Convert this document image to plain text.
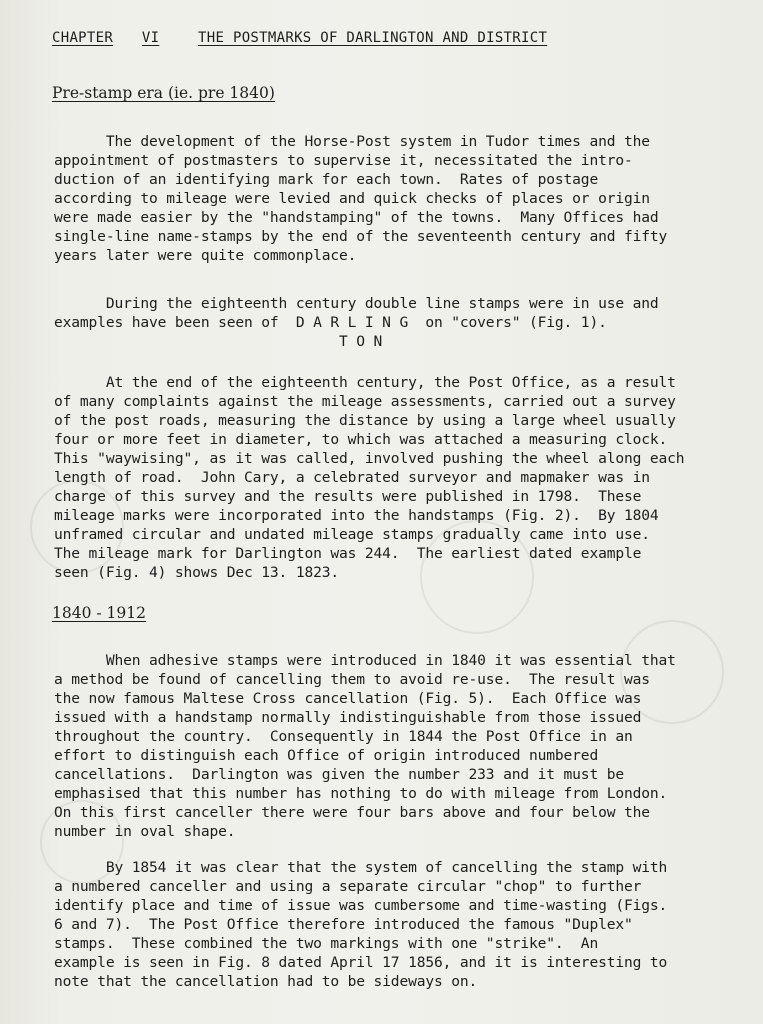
CHAPTER VI	THE POSTMARKS OF DARLINGTON AND DISTRICT
Pre-stamp era (ie. pre 1840)
The development of the Horse-Post system in Tudor times and the
appointment of postmasters to supervise it, necessitated the intro-
duction of an identifying mark for each town.  Rates of postage
according to mileage were levied and quick checks of places or origin
were made easier by the "handstamping" of the towns.  Many Offices had
single-line name-stamps by the end of the seventeenth century and fifty
years later were quite commonplace.
During the eighteenth century double line stamps were in use and
examples have been seen of  D A R L I N G  on "covers" (Fig. 1).
T O N
At the end of the eighteenth century, the Post Office, as a result
of many complaints against the mileage assessments, carried out a survey
of the post roads, measuring the distance by using a large wheel usually
four or more feet in diameter, to which was attached a measuring clock.
This "waywising", as it was called, involved pushing the wheel along each
length of road.  John Cary, a celebrated surveyor and mapmaker was in
charge of this survey and the results were published in 1798.  These
mileage marks were incorporated into the handstamps (Fig. 2).  By 1804
unframed circular and undated mileage stamps gradually came into use.
The mileage mark for Darlington was 244.  The earliest dated example
seen (Fig. 4) shows Dec 13. 1823.
1840 - 1912
When adhesive stamps were introduced in 1840 it was essential that
a method be found of cancelling them to avoid re-use.  The result was
the now famous Maltese Cross cancellation (Fig. 5).  Each Office was
issued with a handstamp normally indistinguishable from those issued
throughout the country.  Consequently in 1844 the Post Office in an
effort to distinguish each Office of origin introduced numbered
cancellations.  Darlington was given the number 233 and it must be
emphasised that this number has nothing to do with mileage from London.
On this first canceller there were four bars above and four below the
number in oval shape.
By 1854 it was clear that the system of cancelling the stamp with
a numbered canceller and using a separate circular "chop" to further
identify place and time of issue was cumbersome and time-wasting (Figs.
6 and 7).  The Post Office therefore introduced the famous "Duplex"
stamps.  These combined the two markings with one "strike".  An
example is seen in Fig. 8 dated April 17 1856, and it is interesting to
note that the cancellation had to be sideways on.
